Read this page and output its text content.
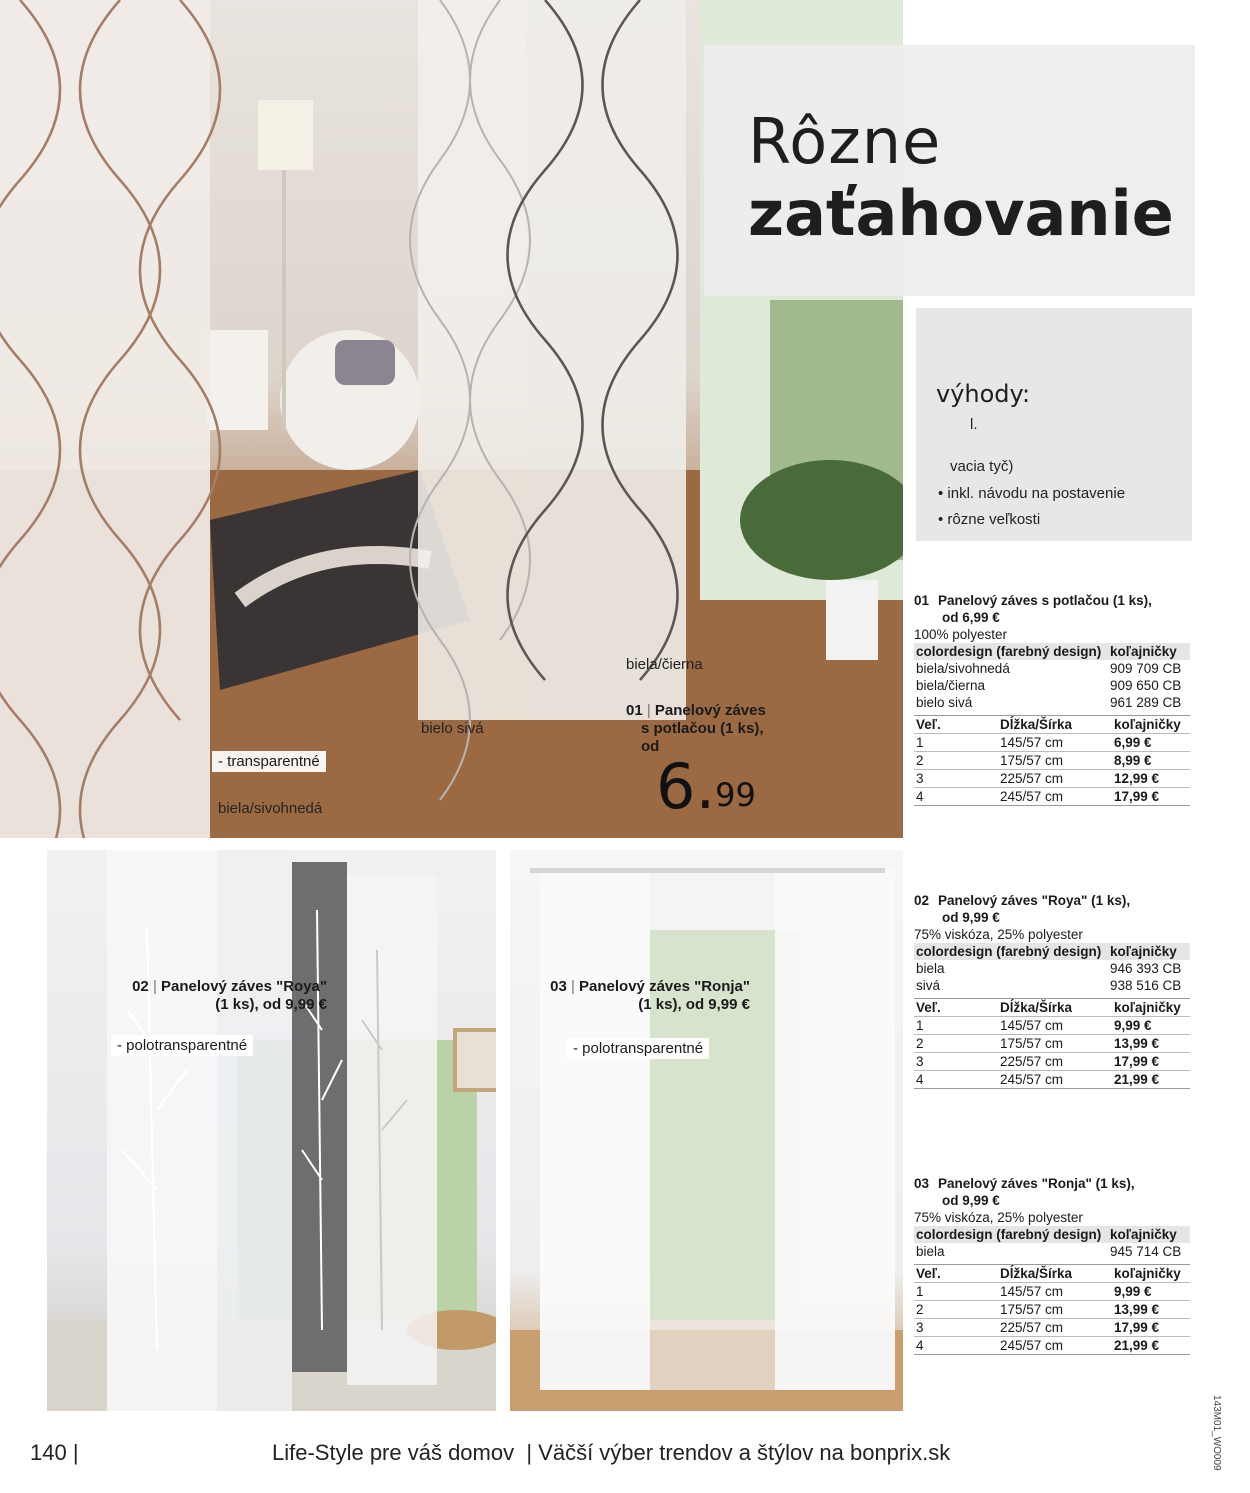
biela/čierna
bielo sivá
- transparentné
biela/sivohnedá
01 | Panelový záves
s potlačou (1 ks),
od
6.99
Rôzne
zaťahovanie
výhody:
l.
vacia tyč)
• inkl. návodu na postavenie
• rôzne veľkosti
02 | Panelový záves "Roya"
(1 ks), od 9,99 €
- polotransparentné
03 | Panelový záves "Ronja"
(1 ks), od 9,99 €
- polotransparentné
01 Panelový záves s potlačou (1 ks),
od 6,99 €
100% polyester
colordesign (farebný design)	koľajničky
biela/sivohnedá	909 709 CB
biela/čierna	909 650 CB
bielo sivá	961 289 CB
Veľ.	Dĺžka/Šírka	koľajničky
1	145/57 cm	6,99 €
2	175/57 cm	8,99 €
3	225/57 cm	12,99 €
4	245/57 cm	17,99 €
02 Panelový záves "Roya" (1 ks),
od 9,99 €
75% viskóza, 25% polyester
colordesign (farebný design)	koľajničky
biela	946 393 CB
sivá	938 516 CB
Veľ.	Dĺžka/Šírka	koľajničky
1	145/57 cm	9,99 €
2	175/57 cm	13,99 €
3	225/57 cm	17,99 €
4	245/57 cm	21,99 €
03 Panelový záves "Ronja" (1 ks),
od 9,99 €
75% viskóza, 25% polyester
colordesign (farebný design)	koľajničky
biela	945 714 CB
Veľ.	Dĺžka/Šírka	koľajničky
1	145/57 cm	9,99 €
2	175/57 cm	13,99 €
3	225/57 cm	17,99 €
4	245/57 cm	21,99 €
140 |	Life-Style pre váš domov  | Väčší výber trendov a štýlov na bonprix.sk	143M01_WO009
